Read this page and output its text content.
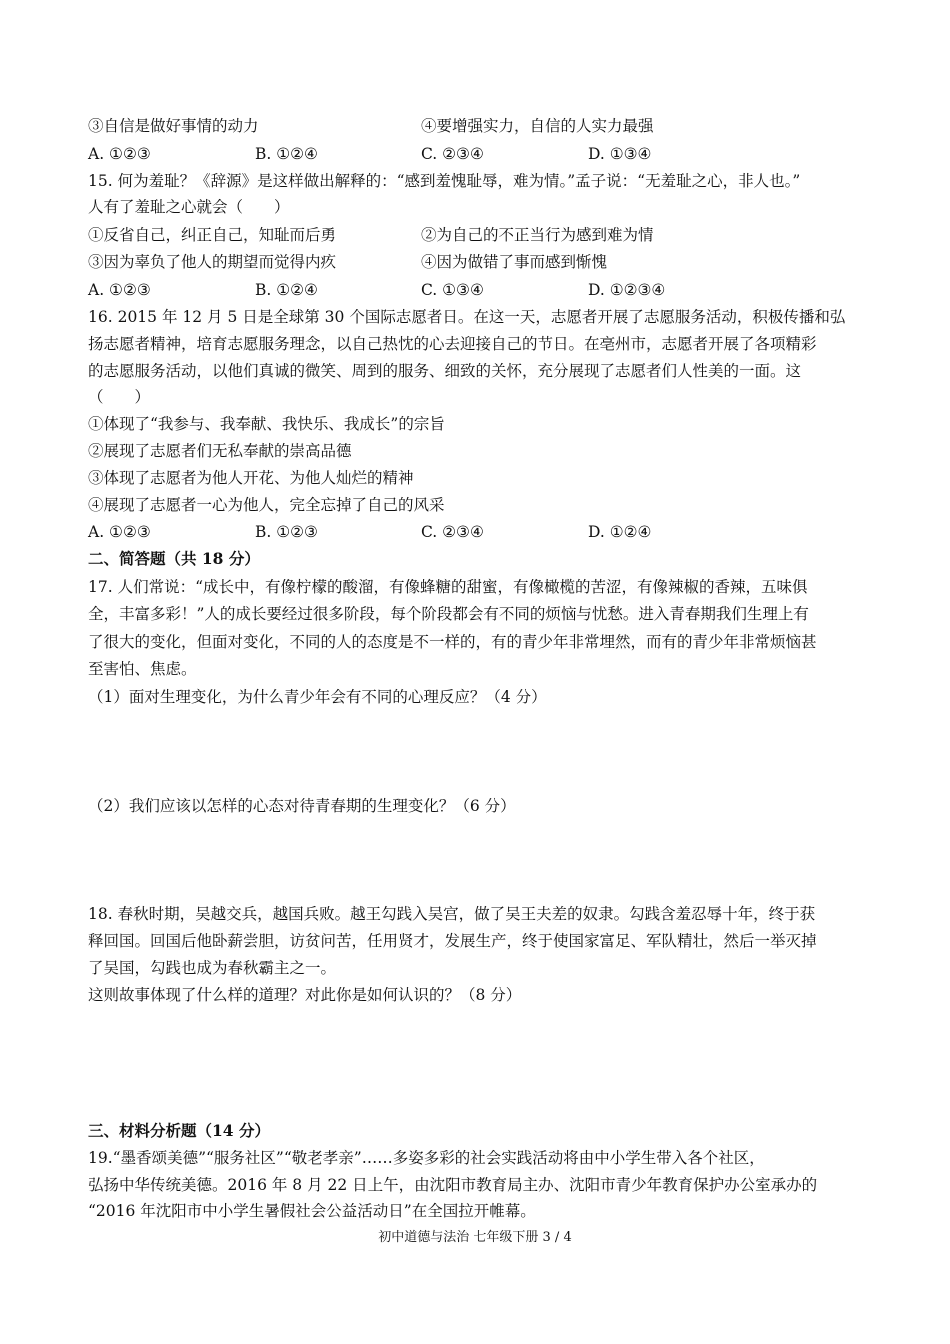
③自信是做好事情的动力	④要增强实力，自信的人实力最强
A. ①②③	B. ①②④	C. ②③④	D. ①③④
15. 何为羞耻？《辞源》是这样做出解释的：“感到羞愧耻辱，难为情。”孟子说：“无羞耻之心，非人也。”
人有了羞耻之心就会（　　）
①反省自己，纠正自己，知耻而后勇	②为自己的不正当行为感到难为情
③因为辜负了他人的期望而觉得内疚	④因为做错了事而感到惭愧
A. ①②③	B. ①②④	C. ①③④	D. ①②③④
16. 2015 年 12 月 5 日是全球第 30 个国际志愿者日。在这一天，志愿者开展了志愿服务活动，积极传播和弘
扬志愿者精神，培育志愿服务理念，以自己热忱的心去迎接自己的节日。在亳州市，志愿者开展了各项精彩
的志愿服务活动，以他们真诚的微笑、周到的服务、细致的关怀，充分展现了志愿者们人性美的一面。这
（　　）
①体现了“我参与、我奉献、我快乐、我成长”的宗旨
②展现了志愿者们无私奉献的崇高品德
③体现了志愿者为他人开花、为他人灿烂的精神
④展现了志愿者一心为他人，完全忘掉了自己的风采
A. ①②③	B. ①②③	C. ②③④	D. ①②④
二、简答题（共 18 分）
17. 人们常说：“成长中，有像柠檬的酸溜，有像蜂糖的甜蜜，有像橄榄的苦涩，有像辣椒的香辣，五味俱
全，丰富多彩！”人的成长要经过很多阶段，每个阶段都会有不同的烦恼与忧愁。进入青春期我们生理上有
了很大的变化，但面对变化，不同的人的态度是不一样的，有的青少年非常埋然，而有的青少年非常烦恼甚
至害怕、焦虑。
（1）面对生理变化，为什么青少年会有不同的心理反应？（4 分）
（2）我们应该以怎样的心态对待青春期的生理变化？（6 分）
18. 春秋时期，吴越交兵，越国兵败。越王勾践入吴宫，做了吴王夫差的奴隶。勾践含羞忍辱十年，终于获
释回国。回国后他卧薪尝胆，访贫问苦，任用贤才，发展生产，终于使国家富足、军队精壮，然后一举灭掉
了吴国，勾践也成为春秋霸主之一。
这则故事体现了什么样的道理？对此你是如何认识的？（8 分）
三、材料分析题（14 分）
19.“墨香颂美德”“服务社区”“敬老孝亲”……多姿多彩的社会实践活动将由中小学生带入各个社区，
弘扬中华传统美德。2016 年 8 月 22 日上午，由沈阳市教育局主办、沈阳市青少年教育保护办公室承办的
“2016 年沈阳市中小学生暑假社会公益活动日”在全国拉开帷幕。
初中道德与法治 七年级下册 3 / 4
